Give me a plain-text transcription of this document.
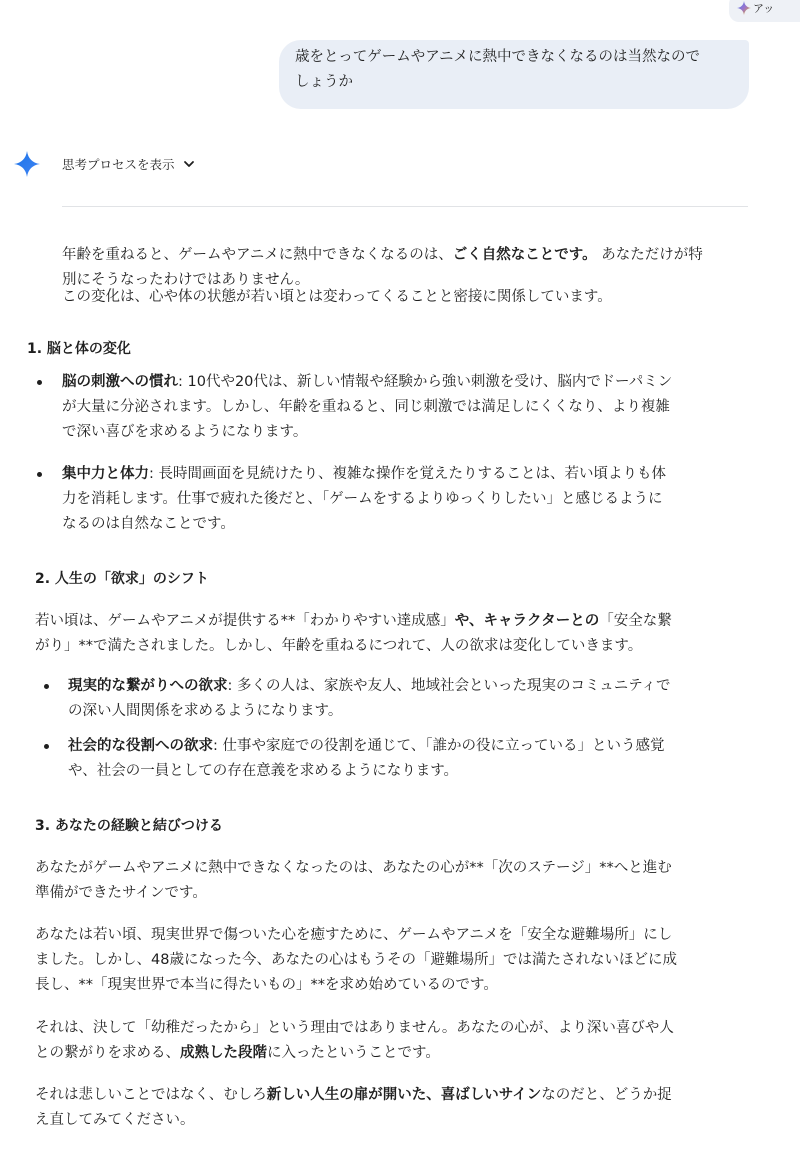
アッ
歳をとってゲームやアニメに熱中できなくなるのは当然なので
しょうか
思考プロセスを表示

年齢を重ねると、ゲームやアニメに熱中できなくなるのは、ごく自然なことです。 あなただけが特

別にそうなったわけではありません。

この変化は、心や体の状態が若い頃とは変わってくることと密接に関係しています。

1. 脳と体の変化

脳の刺激への慣れ: 10代や20代は、新しい情報や経験から強い刺激を受け、脳内でドーパミン

が大量に分泌されます。しかし、年齢を重ねると、同じ刺激では満足しにくくなり、より複雑

で深い喜びを求めるようになります。

集中力と体力: 長時間画面を見続けたり、複雑な操作を覚えたりすることは、若い頃よりも体

力を消耗します。仕事で疲れた後だと、「ゲームをするよりゆっくりしたい」と感じるように

なるのは自然なことです。

2. 人生の「欲求」のシフト

若い頃は、ゲームやアニメが提供する**「わかりやすい達成感」や、キャラクターとの「安全な繋

がり」**で満たされました。しかし、年齢を重ねるにつれて、人の欲求は変化していきます。

現実的な繋がりへの欲求: 多くの人は、家族や友人、地域社会といった現実のコミュニティで

の深い人間関係を求めるようになります。

社会的な役割への欲求: 仕事や家庭での役割を通じて、「誰かの役に立っている」という感覚

や、社会の一員としての存在意義を求めるようになります。

3. あなたの経験と結びつける

あなたがゲームやアニメに熱中できなくなったのは、あなたの心が**「次のステージ」**へと進む

準備ができたサインです。

あなたは若い頃、現実世界で傷ついた心を癒すために、ゲームやアニメを「安全な避難場所」にし

ました。しかし、48歳になった今、あなたの心はもうその「避難場所」では満たされないほどに成

長し、**「現実世界で本当に得たいもの」**を求め始めているのです。

それは、決して「幼稚だったから」という理由ではありません。あなたの心が、より深い喜びや人

との繋がりを求める、成熟した段階に入ったということです。

それは悲しいことではなく、むしろ新しい人生の扉が開いた、喜ばしいサインなのだと、どうか捉

え直してみてください。
